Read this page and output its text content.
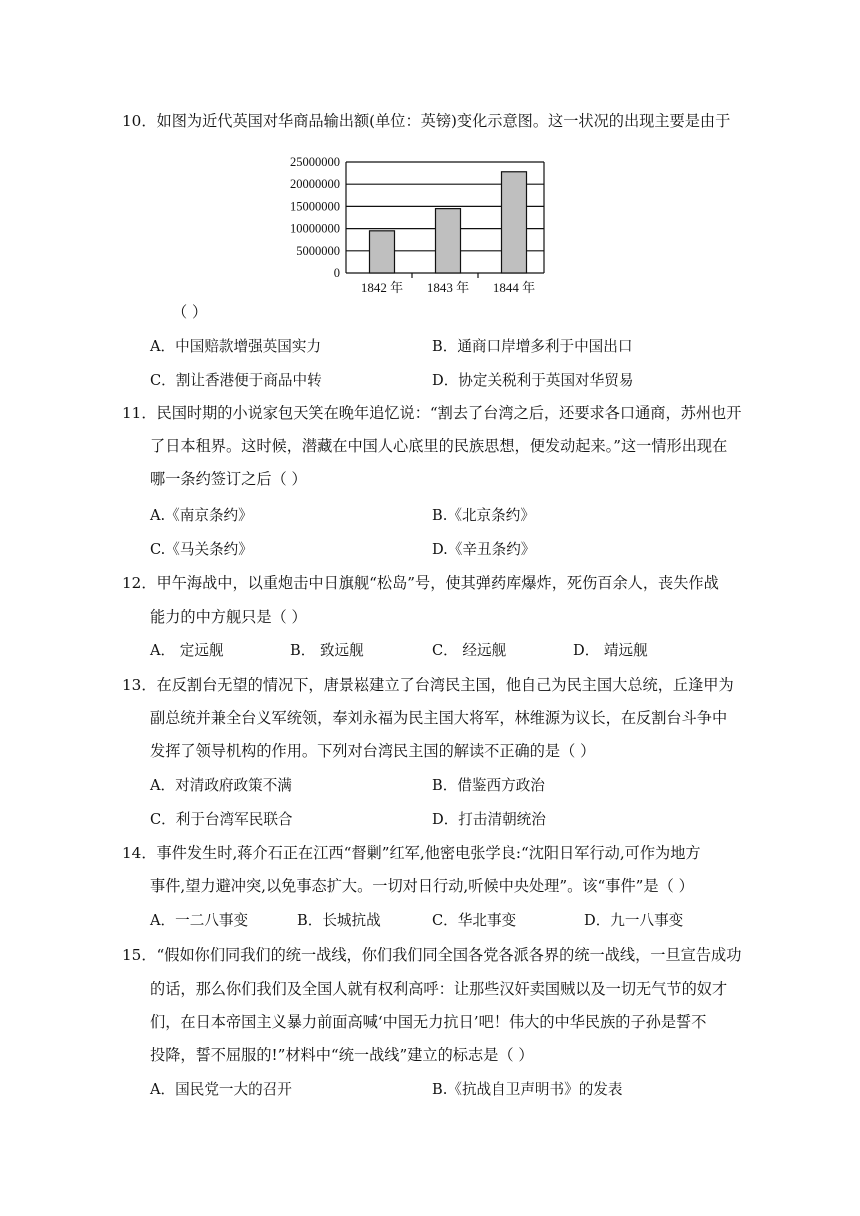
10．如图为近代英国对华商品输出额(单位：英镑)变化示意图。这一状况的出现主要是由于
0
5000000
10000000
15000000
20000000
25000000
1842 年 1843 年 1844 年
（ ）
A．中国赔款增强英国实力	B．通商口岸增多利于中国出口
C．割让香港便于商品中转	D．协定关税利于英国对华贸易
11．民国时期的小说家包天笑在晚年追忆说：“割去了台湾之后，还要求各口通商，苏州也开
了日本租界。这时候，潜藏在中国人心底里的民族思想，便发动起来。”这一情形出现在
哪一条约签订之后（ ）
A.《南京条约》	B.《北京条约》
C.《马关条约》	D.《辛丑条约》
12．甲午海战中，以重炮击中日旗舰“松岛”号，使其弹药库爆炸，死伤百余人，丧失作战
能力的中方舰只是（ ）
A． 定远舰	B． 致远舰	C． 经远舰	D． 靖远舰
13．在反割台无望的情况下，唐景崧建立了台湾民主国，他自己为民主国大总统，丘逢甲为
副总统并兼全台义军统领，奉刘永福为民主国大将军，林维源为议长，在反割台斗争中
发挥了领导机构的作用。下列对台湾民主国的解读不正确的是（ ）
A．对清政府政策不满	B．借鉴西方政治
C．利于台湾军民联合	D．打击清朝统治
14．事件发生时,蒋介石正在江西“督剿”红军,他密电张学良:“沈阳日军行动,可作为地方
事件,望力避冲突,以免事态扩大。一切对日行动,听候中央处理”。该“事件”是（ ）
A．一二八事变	B．长城抗战	C．华北事变	D．九一八事变
15．“假如你们同我们的统一战线，你们我们同全国各党各派各界的统一战线，一旦宣告成功
的话，那么你们我们及全国人就有权利高呼：让那些汉奸卖国贼以及一切无气节的奴才
们，在日本帝国主义暴力前面高喊‘中国无力抗日’吧！伟大的中华民族的子孙是誓不
投降，誓不屈服的!”材料中“统一战线”建立的标志是（ ）
A．国民党一大的召开	B.《抗战自卫声明书》的发表
